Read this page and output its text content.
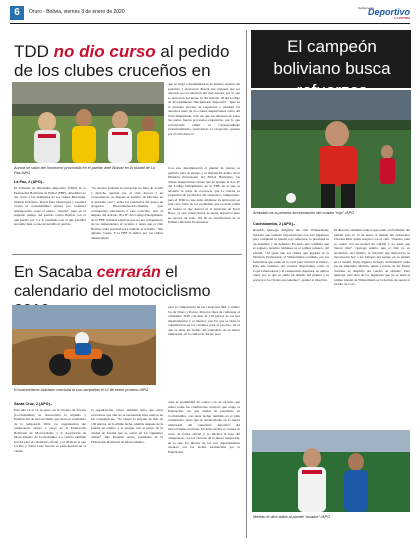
6	Oruro - Bolivia, viernes 3 de enero de 2020
Suplemento
Deportivo
LA PATRIA
TDD no dio curso al pedido de los clubes cruceños en
Aurora se salvó del ‘bochorno’ provocado en el partido ante Bolívar en la ciudad de La Paz./APG
La Paz, 2 (APG).-
El Tribunal de Disciplina Deportiva (TDD) de la Federación Boliviana de Fútbol (FBF), determinó no dar curso a las demandas de los clubes Blooming, Oriente Petrolero, Royal Pari, Destroyers y Guabirá contra el cochabambino Aurora por conducta antideportiva, pues el elenco ‘aviador’ jugó en el segundo tiempo del partido contra Bolívar con el que perdió por 5 a 6, resultado con el que Guabirá ascendió más a zona de pérdida al partido.
“Se declara probada la excepción de falta de acción y derecho opuesta por el club Aurora y en consecuencia, se dispone el Archivo de Obrados en el presente caso”, sobre los resultados del grupo de abogados Huacomiche/Alcochamba (sus contraparte) solicitando a este colectivo. Así, al amparo del artículo 18 a N° del Código Disciplinario de la FBF. Además explican que no era competencia de los demandantes el reclamo y antes que el club Bolívar tenía potestad para realizar el reclamo. “Me adjunto copias. Y la FBF le indicó por los clubes denunciantes
que no llegó a fundamentarse de manera objetiva un perjuicio y afectación directa que tuviesen que ser afectado por la situación del club Aurora, por lo que se aplicaron del inciso b) del artículo 18 del Código de Procedimiento Disciplinario Deportivo. “Que en el presente proceso se respetaron a plenitud los derechos tanto de los clubes denunciantes como del Club denunciado, todo sin que los intereses de todas las partes fueran procesales respetados, por lo que corresponde emitir el correspondiente pronunciamiento resolviendo la excepción opuesta por el club Aurora”.
Con esta determinación el plantel de Aurora se perfecta para su equipo y se mantendrá dentro de la División Profesional del Fútbol Boliviano, los clubes denunciantes tienen que se aplique el Art. 67 del Código Disciplinario de la FBF, en el que se advierte la parte de reconocer que la cancha es propiedad de provincias del respectivo campeonato, para el TDD no que debe afirmarse su aplicación en este caso. Otro de los problemas que se debe tomar en cuenta es que Aurora es la situación de Sport Boys, ya que ventavizaron la suerte deportiva pues en tercera de todo, del de su clasificación de la Primera División Profesional.
El campeón boliviano busca
Arrasado es la primera incorporación del cuadro “rojo”./APG
Cochabamba, 2 (APG).-
Ronaldo Quiroga, dirigente del club Wilstermann, informó que realizan negociaciones con tres jugadores para completar el plantel rojo refuerzos, la prioridad es un delantero y un defensor. En tanto que confirmó que el zaguero Arnaldo Giménez es el primer refuerzo del plantel. “Al igual que los clubes que jugarán en la División Profesional, el Wilstermann continúa con los futbolistas que están en la carta para reforzar el elenco. Este año tenemos dos torneos importantes como la Copa Libertadores y el campeonato Apertura, en ambos casos por lo que se suma un amplio del plantel y se prevé por los rivales que tenemos”, apuntó el directivo.
El directivo también explicó que están conformando del plantel para el 15 de enero al mando del entrenador Cristian Díaz quien aseguró con el club. “Nuestro plan es contar con un plantel de calidad y no tener que buscar más”. Quiroga señaló, que el club no es alcanzado. Así mismo, se informó que Reforzado se incorporará hoy a los trabajos del equipo en su plantel en la ciudad. Entre algunos fichajes confirmados están las de Alejandro Meleán, quien a través de las Redes Sociales se despidió del cuadro de Oriente. Para Quiroga, esta obra de los jugadores que ya se unen al primer plantel de Wilstermann es la de más un aporte al cuadro de Colo.
Meleán le dice adiós al plantel “aviador”./APG
En Sacaba cerrarán el calendario del motociclismo
El motociclismo boliviano concluirá la sus campañas el 12 de enero próximo./APG
Santa Cruz, 2 (APG).-
Este año 10 al 12 de enero en el circuito de Sacaba (Cochabamba), se desarrollará la séptima y finalización de motociclismo que cierra el calendario de la temporada 2019. La organización del campeonato estuvo a cargo de la Federación Boliviana de Motociclismo y la Asociación de Motociclismo de Cochabamba. La carrera también servirá para el calendario oficial, y el 2020 en el que La Paz y Santa Cruz buscan su participación en la vuelta.
la organización, Oruro también tenía que estos corredores que aún no se encuentran muy nuevos en las competencias. “Se espera la llegada de más de 150 pilotos, en la última fecha, además después de la prueba en enduro y el arreglo con el piloto de la ciudad de Sacaba que se corrió en los siguientes clubes”, dijo Rolando Arías, presidente de la Federación Boliviana de Motociclismo.
para la competencia de las categorías MX y enduro los de Oruro y Potosí. Para los fines de comenzar el calendario 2020 con más de 150 pilotos de los tres departamentos y el interior, con los que se tiene la organización en los circuitos para el proceso, en el que se tiene las fechas del calendario de la nueva temporada, en la ciudad de Tarija, pero
cabe la posibilidad de contar con un circuito que reúna todas las condiciones técnicas que exige la Federación, las que tendrá su pendiente en Cochabamba, con estas fechas también en el plan competitivo tanto que se desarrollarán en la nueva temporada del calendario deportivo del motociclismo nacional. En estas fechas la carrera se corre de forma oficial y se iniciará la fase del campeonato con las carreras de la nueva temporada, en la que los pilotos de los tres departamentos cuentan con las fechas establecidas por la Federación.
